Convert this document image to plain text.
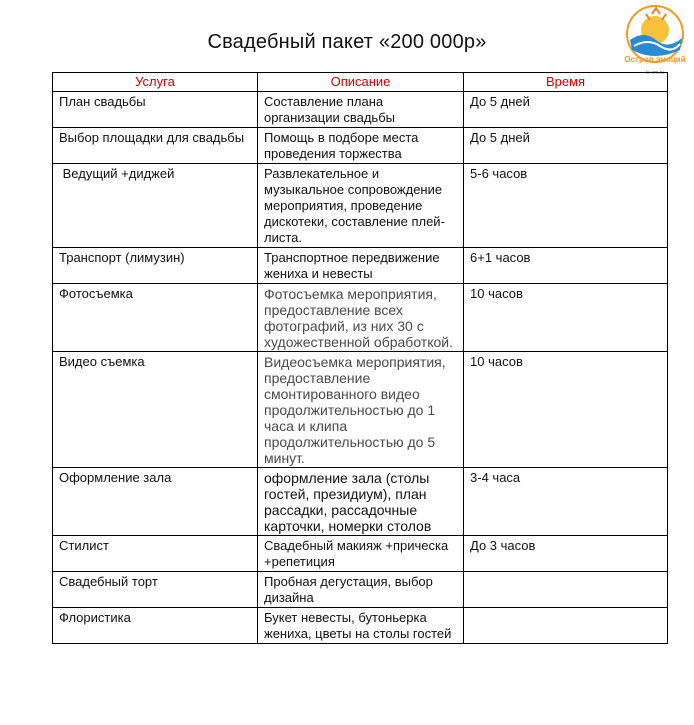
Свадебный пакет «200 000р»
Остров эмоций
is-em.ru
Услуга	Описание	Время
План свадьбы	Составление плана организации свадьбы	До 5 дней
Выбор площадки для свадьбы	Помощь в подборе места проведения торжества	До 5 дней
Ведущий +диджей	Развлекательное и музыкальное сопровождение мероприятия, проведение дискотеки, составление плей-листа.	5-6 часов
Транспорт (лимузин)	Транспортное передвижение жениха и невесты	6+1 часов
Фотосъемка	Фотосъемка мероприятия, предоставление всех фотографий, из них 30 с художественной обработкой.	10 часов
Видео съемка	Видеосъемка мероприятия, предоставление смонтированного видео продолжительностью до 1 часа и клипа продолжительностью до 5 минут.	10 часов
Оформление зала	оформление зала (столы гостей, президиум), план рассадки, рассадочные карточки, номерки столов	3-4 часа
Стилист	Свадебный макияж +прическа +репетиция	До 3 часов
Свадебный торт	Пробная дегустация, выбор дизайна	
Флористика	Букет невесты, бутоньерка жениха, цветы на столы гостей	
